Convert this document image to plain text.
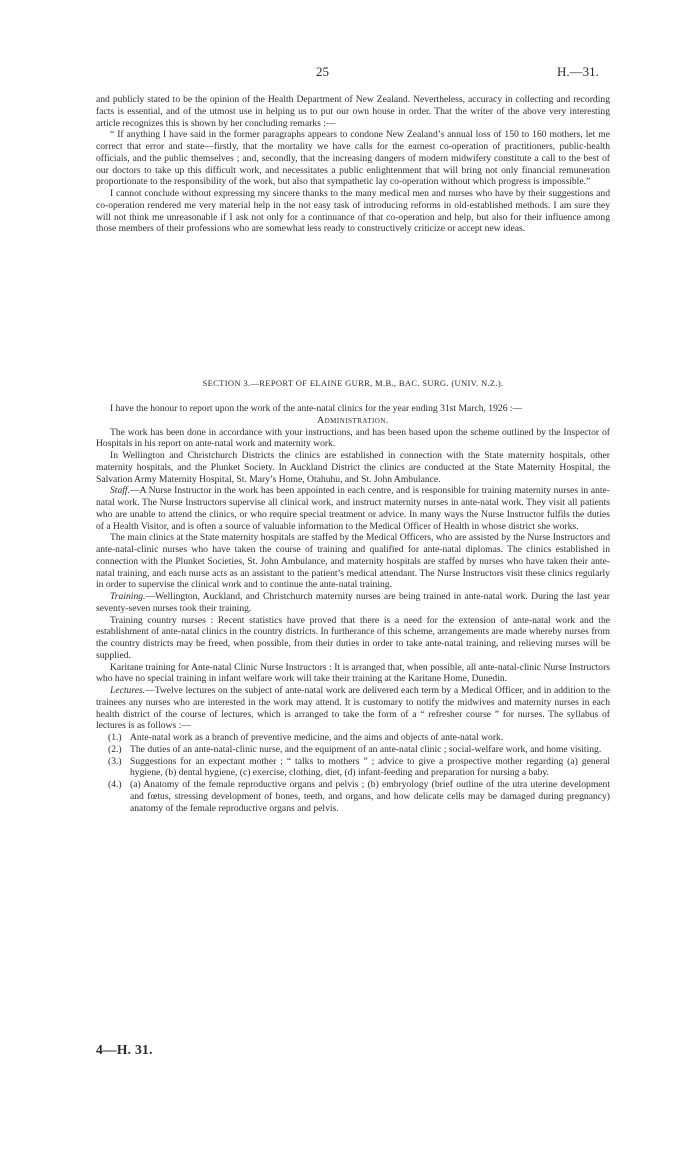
25	H.—31.

and publicly stated to be the opinion of the Health Department of New Zealand. Nevertheless, accuracy in collecting and recording facts is essential, and of the utmost use in helping us to put our own house in order. That the writer of the above very interesting article recognizes this is shown by her concluding remarks :—

“ If anything I have said in the former paragraphs appears to condone New Zealand’s annual loss of 150 to 160 mothers, let me correct that error and state—firstly, that the mortality we have calls for the earnest co-operation of practitioners, public-health officials, and the public themselves ; and, secondly, that the increasing dangers of modern midwifery constitute a call to the best of our doctors to take up this difficult work, and necessitates a public enlightenment that will bring not only financial remuneration proportionate to the responsibility of the work, but also that sympathetic lay co-operation without which progress is impossible.”

I cannot conclude without expressing my sincere thanks to the many medical men and nurses who have by their suggestions and co-operation rendered me very material help in the not easy task of introducing reforms in old-established methods. I am sure they will not think me unreasonable if I ask not only for a continuance of that co-operation and help, but also for their influence among those members of their professions who are somewhat less ready to constructively criticize or accept new ideas.

SECTION 3.—REPORT OF ELAINE GURR, M.B., BAC. SURG. (UNIV. N.Z.).

I have the honour to report upon the work of the ante-natal clinics for the year ending 31st March, 1926 :—

Administration.

The work has been done in accordance with your instructions, and has been based upon the scheme outlined by the Inspector of Hospitals in his report on ante-natal work and maternity work.

In Wellington and Christchurch Districts the clinics are established in connection with the State maternity hospitals, other maternity hospitals, and the Plunket Society. In Auckland District the clinics are conducted at the State Maternity Hospital, the Salvation Army Maternity Hospital, St. Mary’s Home, Otahuhu, and St. John Ambulance.

Staff.—A Nurse Instructor in the work has been appointed in each centre, and is responsible for training maternity nurses in ante-natal work. The Nurse Instructors supervise all clinical work, and instruct maternity nurses in ante-natal work. They visit all patients who are unable to attend the clinics, or who require special treatment or advice. In many ways the Nurse Instructor fulfils the duties of a Health Visitor, and is often a source of valuable information to the Medical Officer of Health in whose district she works.

The main clinics at the State maternity hospitals are staffed by the Medical Officers, who are assisted by the Nurse Instructors and ante-natal-clinic nurses who have taken the course of training and qualified for ante-natal diplomas. The clinics established in connection with the Plunket Societies, St. John Ambulance, and maternity hospitals are staffed by nurses who have taken their ante-natal training, and each nurse acts as an assistant to the patient’s medical attendant. The Nurse Instructors visit these clinics regularly in order to supervise the clinical work and to continue the ante-natal training.

Training.—Wellington, Auckland, and Christchurch maternity nurses are being trained in ante-natal work. During the last year seventy-seven nurses took their training.

Training country nurses : Recent statistics have proved that there is a need for the extension of ante-natal work and the establishment of ante-natal clinics in the country districts. In furtherance of this scheme, arrangements are made whereby nurses from the country districts may be freed, when possible, from their duties in order to take ante-natal training, and relieving nurses will be supplied.

Karitane training for Ante-natal Clinic Nurse Instructors : It is arranged that, when possible, all ante-natal-clinic Nurse Instructors who have no special training in infant welfare work will take their training at the Karitane Home, Dunedin.

Lectures.—Twelve lectures on the subject of ante-natal work are delivered each term by a Medical Officer, and in addition to the trainees any nurses who are interested in the work may attend. It is customary to notify the midwives and maternity nurses in each health district of the course of lectures, which is arranged to take the form of a “ refresher course ” for nurses. The syllabus of lectures is as follows :—

(1.) Ante-natal work as a branch of preventive medicine, and the aims and objects of ante-natal work.
(2.) The duties of an ante-natal-clinic nurse, and the equipment of an ante-natal clinic ; social-welfare work, and home visiting.
(3.) Suggestions for an expectant mother ; “ talks to mothers ” ; advice to give a prospective mother regarding (a) general hygiene, (b) dental hygiene, (c) exercise, clothing, diet, (d) infant-feeding and preparation for nursing a baby.
(4.) (a) Anatomy of the female reproductive organs and pelvis ; (b) embryology (brief outline of the utra uterine development and fœtus, stressing development of bones, teeth, and organs, and how delicate cells may be damaged during pregnancy) anatomy of the female reproductive organs and pelvis.
4—H. 31.
